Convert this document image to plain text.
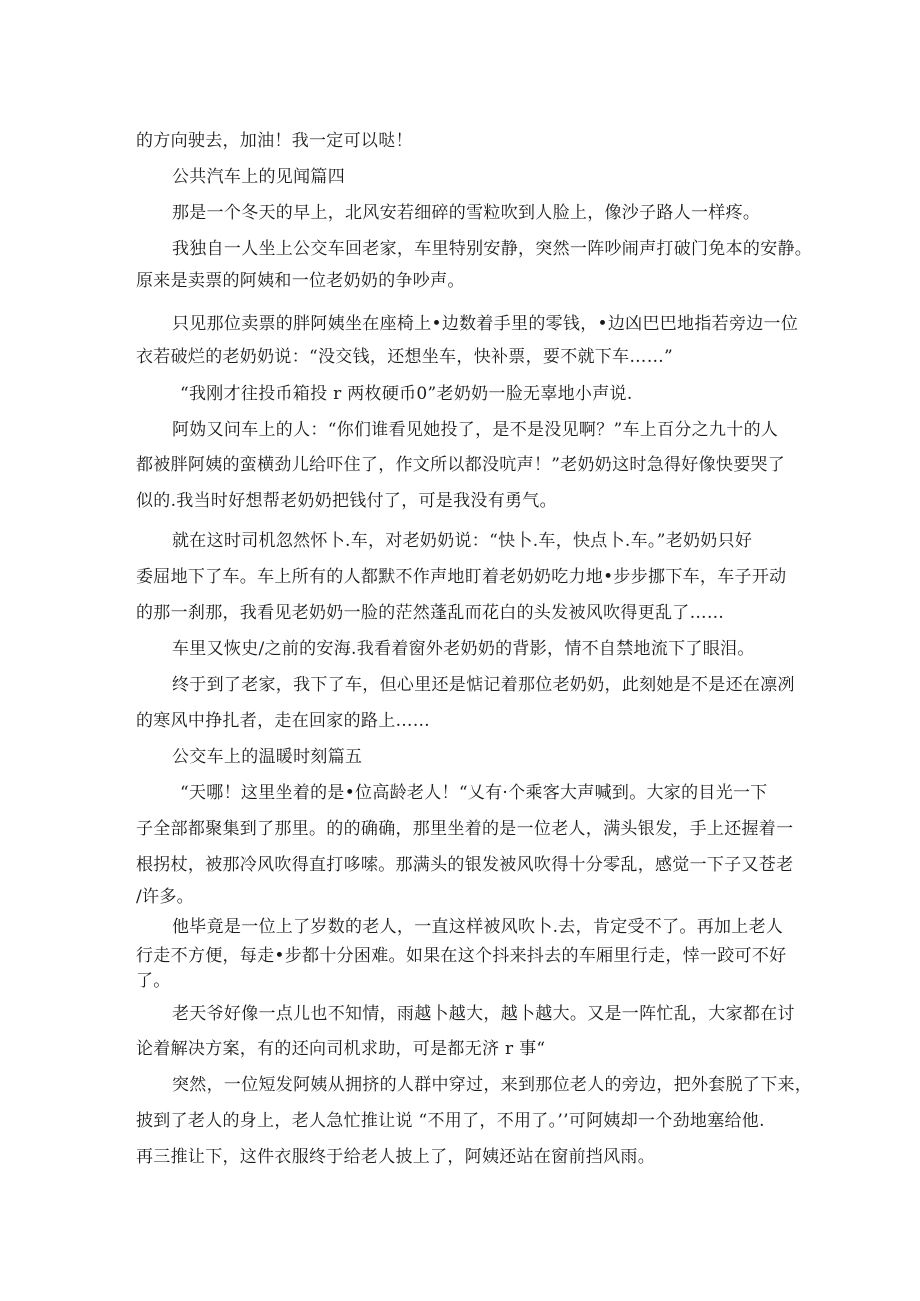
的方向驶去，加油！我一定可以哒！
公共汽车上的见闻篇四
那是一个冬天的早上，北风安若细碎的雪粒吹到人脸上，像沙子路人一样疼。
我独自一人坐上公交车回老家，车里特别安静，突然一阵吵闹声打破门免本的安静。
原来是卖票的阿姨和一位老奶奶的争吵声。
只见那位卖票的胖阿姨坐在座椅上•边数着手里的零钱，•边凶巴巴地指若旁边一位
衣若破烂的老奶奶说：“没交钱，还想坐车，快补票，要不就下车……”
“我刚才往投币箱投 r 两枚硬币0”老奶奶一脸无辜地小声说.
阿妫又问车上的人：“你们谁看见她投了，是不是没见啊？”车上百分之九十的人
都被胖阿姨的蛮横劲儿给吓住了，作文所以都没吭声！”老奶奶这时急得好像快要哭了
似的.我当时好想帮老奶奶把钱付了，可是我没有勇气。
就在这时司机忽然怀卜.车，对老奶奶说：“快卜.车，快点卜.车。”老奶奶只好
委屈地下了车。车上所有的人都默不作声地盯着老奶奶吃力地•步步挪下车，车子开动
的那一刹那，我看见老奶奶一脸的茫然蓬乱而花白的头发被风吹得更乱了……
车里又恢史/之前的安海.我看着窗外老奶奶的背影，情不自禁地流下了眼泪。
终于到了老家，我下了车，但心里还是惦记着那位老奶奶，此刻她是不是还在凛冽
的寒风中挣扎者，走在回家的路上……
公交车上的温暖时刻篇五
“天哪！这里坐着的是•位高龄老人！“乂有·个乘客大声喊到。大家的目光一下
子全部都聚集到了那里。的的确确，那里坐着的是一位老人，满头银发，手上还握着一
根拐杖，被那冷风吹得直打哆嗦。那满头的银发被风吹得十分零乱，感觉一下子又苍老
/许多。
他毕竟是一位上了岁数的老人，一直这样被风吹卜.去，肯定受不了。再加上老人
行走不方便，每走•步都十分困难。如果在这个抖来抖去的车厢里行走，悻一跤可不好
了。
老天爷好像一点儿也不知情，雨越卜越大，越卜越大。又是一阵忙乱，大家都在讨
论着解决方案，有的还向司机求助，可是都无济 r 事“
突然，一位短发阿姨从拥挤的人群中穿过，来到那位老人的旁边，把外套脱了下来，
披到了老人的身上，老人急忙推让说 “不用了，不用了。’’可阿姨却一个劲地塞给他.
再三推让下，这件衣服终于给老人披上了，阿姨还站在窗前挡风雨。
